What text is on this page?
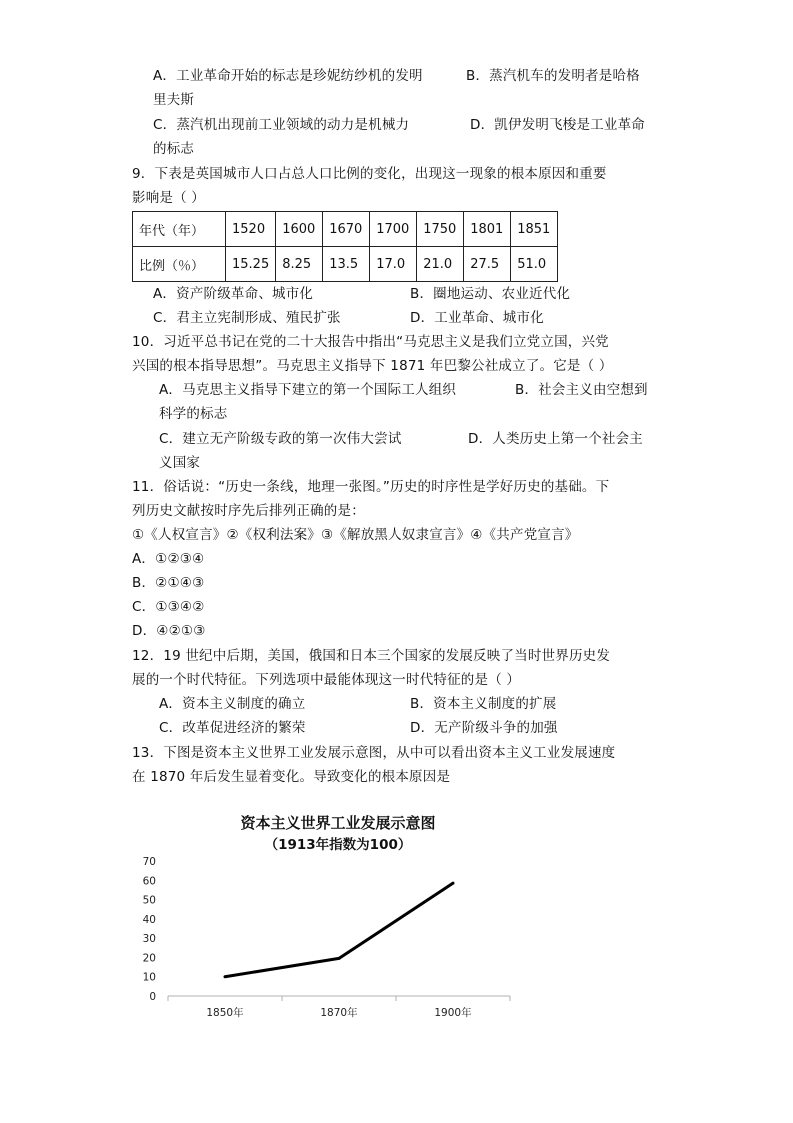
A．工业革命开始的标志是珍妮纺纱机的发明	B．蒸汽机车的发明者是哈格
里夫斯
C．蒸汽机出现前工业领域的动力是机械力	D．凯伊发明飞梭是工业革命
的标志
9．下表是英国城市人口占总人口比例的变化，出现这一现象的根本原因和重要
影响是（ ）
年代（年）	1520	1600	1670	1700	1750	1801	1851
比例（％）	15.25	8.25	13.5	17.0	21.0	27.5	51.0
A．资产阶级革命、城市化	B．圈地运动、农业近代化
C．君主立宪制形成、殖民扩张	D．工业革命、城市化
10．习近平总书记在党的二十大报告中指出“马克思主义是我们立党立国，兴党
兴国的根本指导思想”。马克思主义指导下 1871 年巴黎公社成立了。它是（ ）
A．马克思主义指导下建立的第一个国际工人组织	B．社会主义由空想到
科学的标志
C．建立无产阶级专政的第一次伟大尝试	D．人类历史上第一个社会主
义国家
11．俗话说：“历史一条线，地理一张图。”历史的时序性是学好历史的基础。下
列历史文献按时序先后排列正确的是：
①《人权宣言》②《权利法案》③《解放黑人奴隶宣言》④《共产党宣言》
A．①②③④
B．②①④③
C．①③④②
D．④②①③
12．19 世纪中后期，美国，俄国和日本三个国家的发展反映了当时世界历史发
展的一个时代特征。下列选项中最能体现这一时代特征的是（ ）
A．资本主义制度的确立	B．资本主义制度的扩展
C．改革促进经济的繁荣	D．无产阶级斗争的加强
13．下图是资本主义世界工业发展示意图，从中可以看出资本主义工业发展速度
在 1870 年后发生显着变化。导致变化的根本原因是
资本主义世界工业发展示意图
（1913年指数为100）
0
10
20
30
40
50
60
70
1850年	1870年	1900年
